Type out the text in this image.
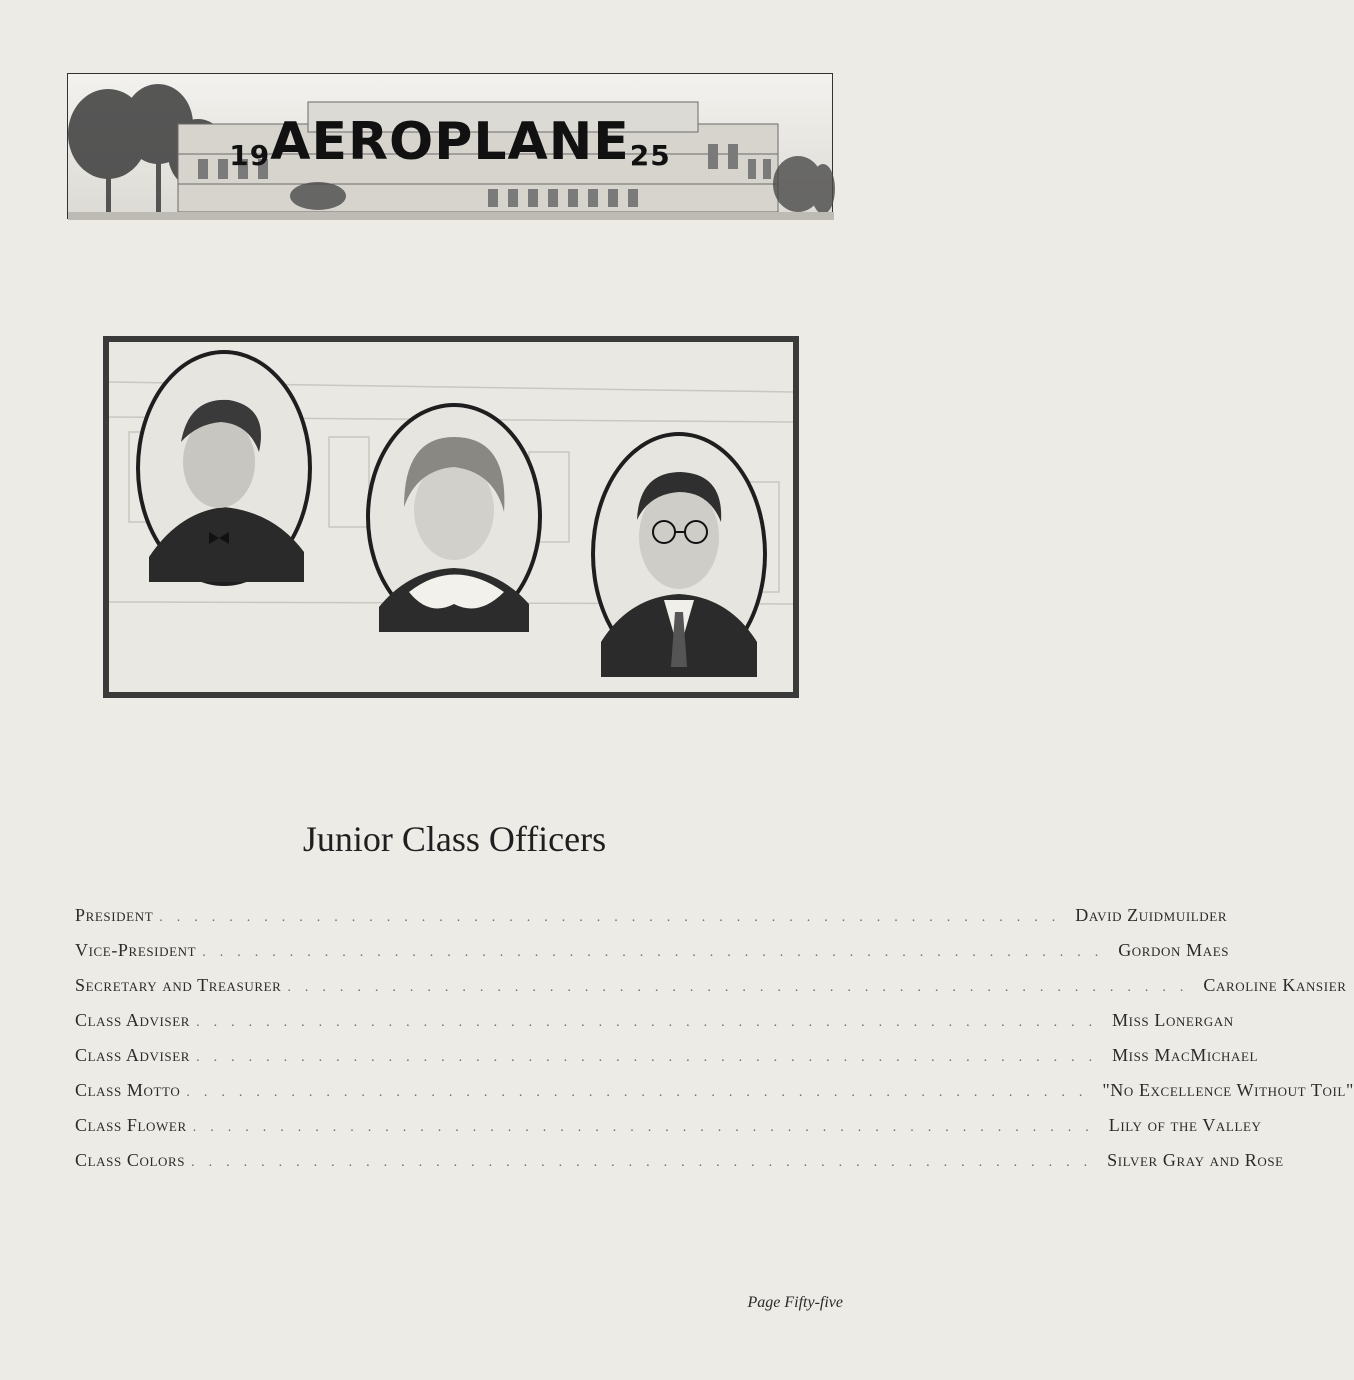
19AEROPLANE25
Junior Class Officers
President .................................................... David Zuidmuilder
Vice-President .................................................... Gordon Maes
Secretary and Treasurer .................................................... Caroline Kansier
Class Adviser .................................................... Miss Lonergan
Class Adviser .................................................... Miss MacMichael
Class Motto .................................................... "No Excellence Without Toil"
Class Flower .................................................... Lily of the Valley
Class Colors .................................................... Silver Gray and Rose
Page Fifty-five
